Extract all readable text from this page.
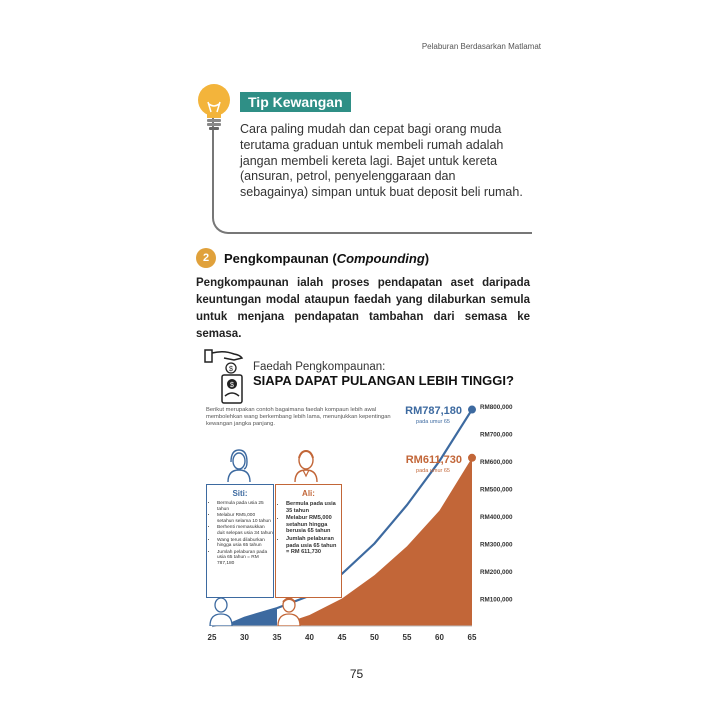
Pelaburan Berdasarkan Matlamat
Tip Kewangan
Cara paling mudah dan cepat bagi orang muda terutama graduan untuk membeli rumah adalah jangan membeli kereta lagi. Bajet untuk kereta (ansuran, petrol, penyelenggaraan dan sebagainya) simpan untuk buat deposit beli rumah.
2	Pengkompaunan (Compounding)
Pengkompaunan ialah proses pendapatan aset daripada keuntungan modal ataupun faedah yang dilaburkan semula untuk menjana pendapatan tambahan dari semasa ke semasa.
$
$
Faedah Pengkompaunan:
SIAPA DAPAT PULANGAN LEBIH TINGGI?
Berikut merupakan contoh bagaimana faedah kompaun lebih awal membolehkan wang berkembang lebih lama, menunjukkan kepentingan kewangan jangka panjang.
25	30	35	40	45	50	55	60	65
RM100,000
RM200,000
RM300,000
RM400,000
RM500,000
RM600,000
RM700,000
RM800,000
RM787,180
pada umur 65
RM611,730
pada umur 65
Siti:
• Bermula pada usia 25 tahun
• Melabur RM5,000 setahun selama 10 tahun
• Berhenti memasukkan duit selepas usia 34 tahun
• Wang terus dilaburkan hingga usia 65 tahun
• Jumlah pelaburan pada usia 65 tahun = RM 787,180
Ali:
• Bermula pada usia 35 tahun
• Melabur RM5,000 setahun hingga berusia 65 tahun
• Jumlah pelaburan pada usia 65 tahun = RM 611,730
75
